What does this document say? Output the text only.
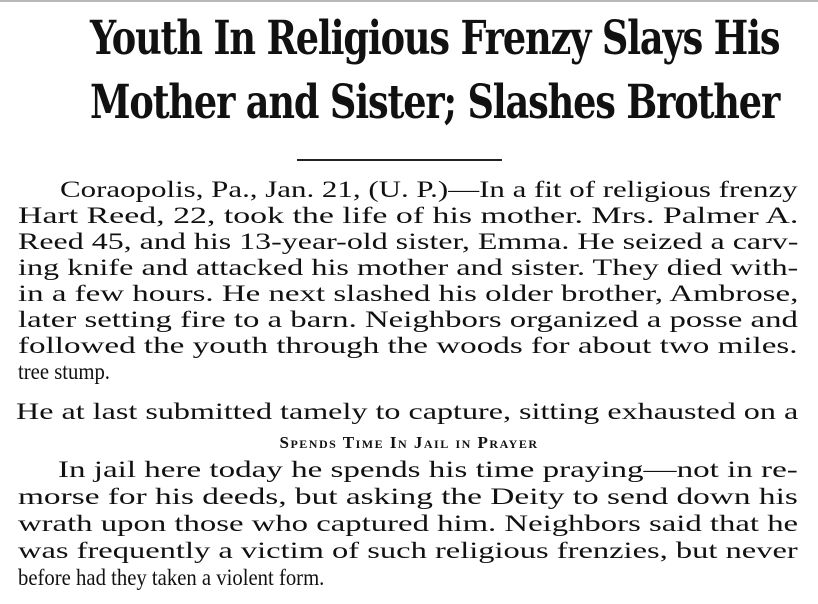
Youth In Religious Frenzy Slays His
Mother and Sister; Slashes Brother
Coraopolis, Pa., Jan. 21, (U. P.)—In a fit of religious frenzy
Hart Reed, 22, took the life of his mother. Mrs. Palmer A.
Reed 45, and his 13-year-old sister, Emma. He seized a carv-
ing knife and attacked his mother and sister. They died with-
in a few hours. He next slashed his older brother, Ambrose,
later setting fire to a barn. Neighbors organized a posse and
followed the youth through the woods for about two miles.
tree stump.
He at last submitted tamely to capture, sitting exhausted on a
Spends Time In Jail in Prayer
In jail here today he spends his time praying—not in re-
morse for his deeds, but asking the Deity to send down his
wrath upon those who captured him. Neighbors said that he
was frequently a victim of such religious frenzies, but never
before had they taken a violent form.
